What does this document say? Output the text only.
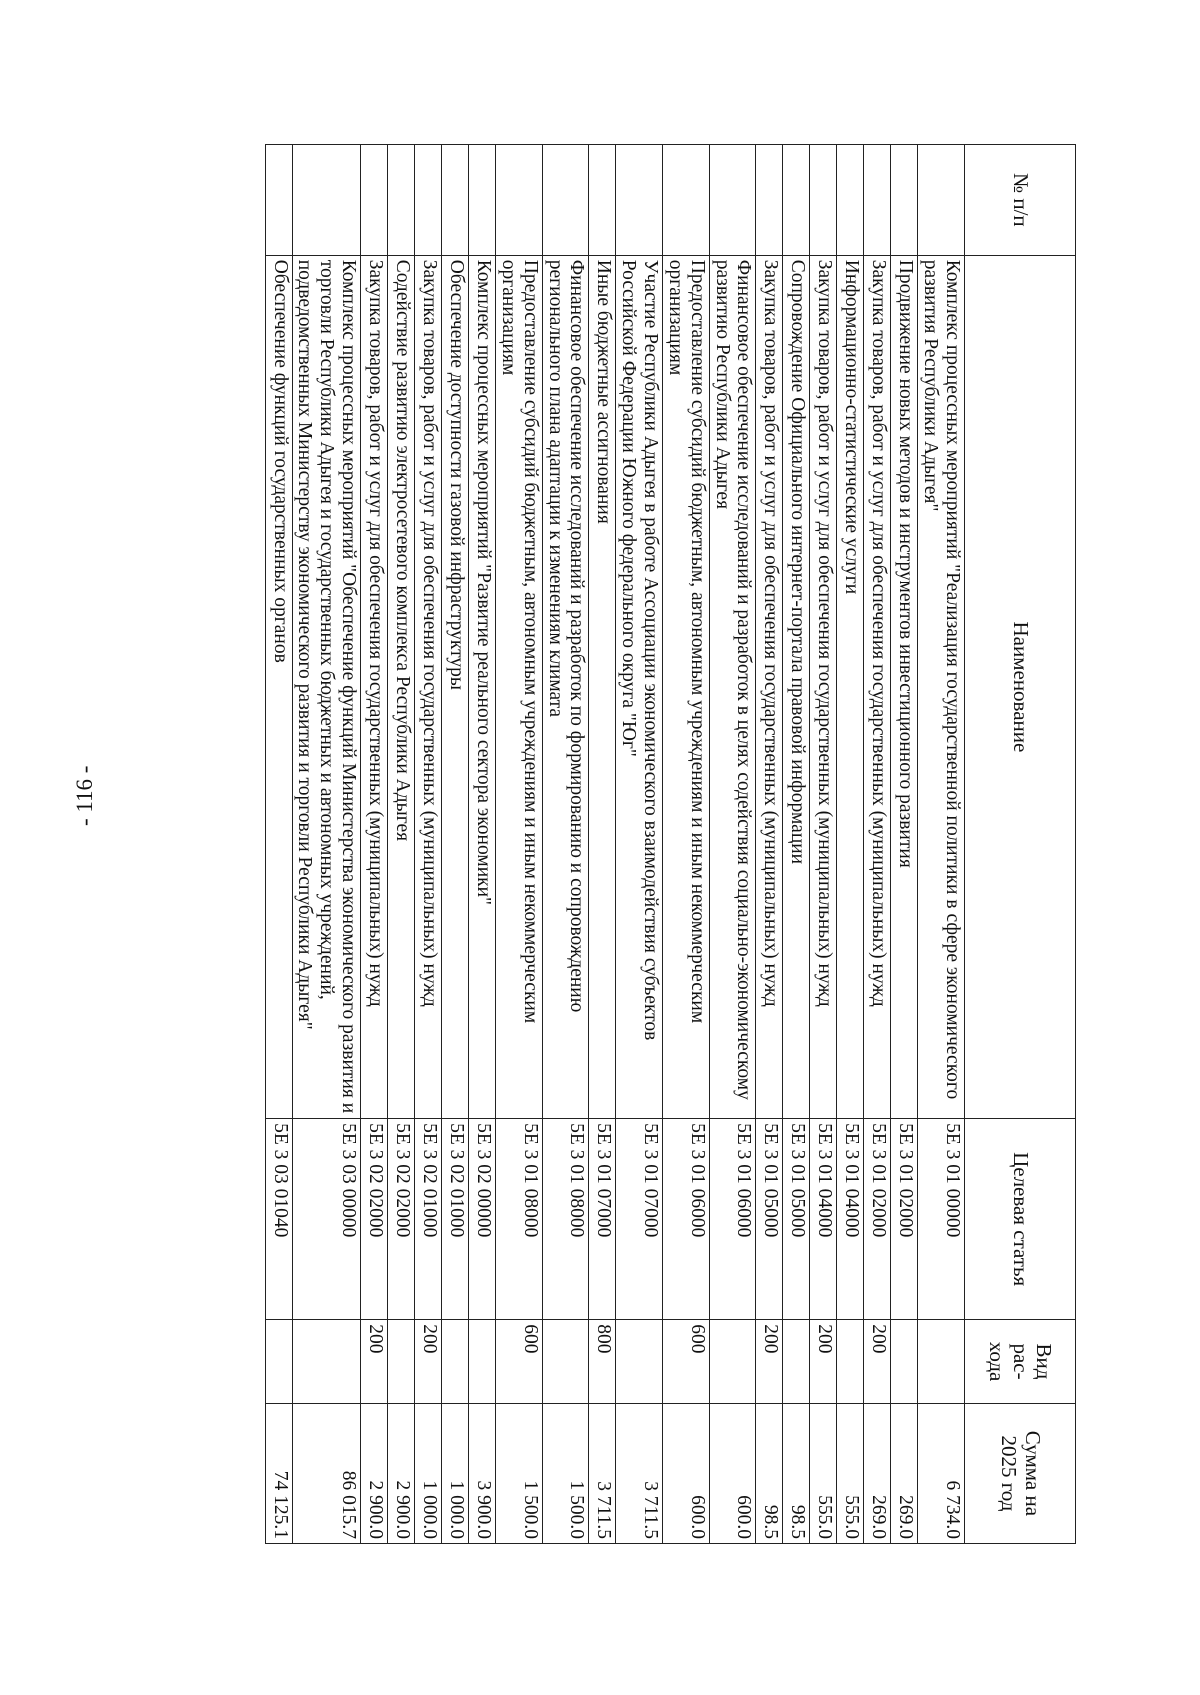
- 116 -
№ п/п	Наименование	Целевая статья	Вид рас-хода	Сумма на 2025 год
	Комплекс процессных мероприятий "Реализация государственной политики в сфере экономического развития Республики Адыгея"	5Е 3 01 00000		6 734.0
	Продвижение новых методов и инструментов инвестиционного развития	5Е 3 01 02000		269.0
	Закупка товаров, работ и услуг для обеспечения государственных (муниципальных) нужд	5Е 3 01 02000	200	269.0
	Информационно-статистические услуги	5Е 3 01 04000		555.0
	Закупка товаров, работ и услуг для обеспечения государственных (муниципальных) нужд	5Е 3 01 04000	200	555.0
	Сопровождение Официального интернет-портала правовой информации	5Е 3 01 05000		98.5
	Закупка товаров, работ и услуг для обеспечения государственных (муниципальных) нужд	5Е 3 01 05000	200	98.5
	Финансовое обеспечение исследований и разработок в целях содействия социально-экономическому развитию Республики Адыгея	5Е 3 01 06000		600.0
	Предоставление субсидий бюджетным, автономным учреждениям и иным некоммерческим организациям	5Е 3 01 06000	600	600.0
	Участие Республики Адыгея в работе Ассоциации экономического взаимодействия субъектов Российской Федерации Южного федерального округа "Юг"	5Е 3 01 07000		3 711.5
	Иные бюджетные ассигнования	5Е 3 01 07000	800	3 711.5
	Финансовое обеспечение исследований и разработок по формированию и сопровождению регионального плана адаптации к изменениям климата	5Е 3 01 08000		1 500.0
	Предоставление субсидий бюджетным, автономным учреждениям и иным некоммерческим организациям	5Е 3 01 08000	600	1 500.0
	Комплекс процессных мероприятий "Развитие реального сектора экономики"	5Е 3 02 00000		3 900.0
	Обеспечение доступности газовой инфраструктуры	5Е 3 02 01000		1 000.0
	Закупка товаров, работ и услуг для обеспечения государственных (муниципальных) нужд	5Е 3 02 01000	200	1 000.0
	Содействие развитию электросетевого комплекса Республики Адыгея	5Е 3 02 02000		2 900.0
	Закупка товаров, работ и услуг для обеспечения государственных (муниципальных) нужд	5Е 3 02 02000	200	2 900.0
	Комплекс процессных мероприятий "Обеспечение функций Министерства экономического развития и торговли Республики Адыгея и государственных бюджетных и автономных учреждений, подведомственных Министерству экономического развития и торговли Республики Адыгея"	5Е 3 03 00000		86 015.7
	Обеспечение функций государственных органов	5Е 3 03 01040		74 125.1
